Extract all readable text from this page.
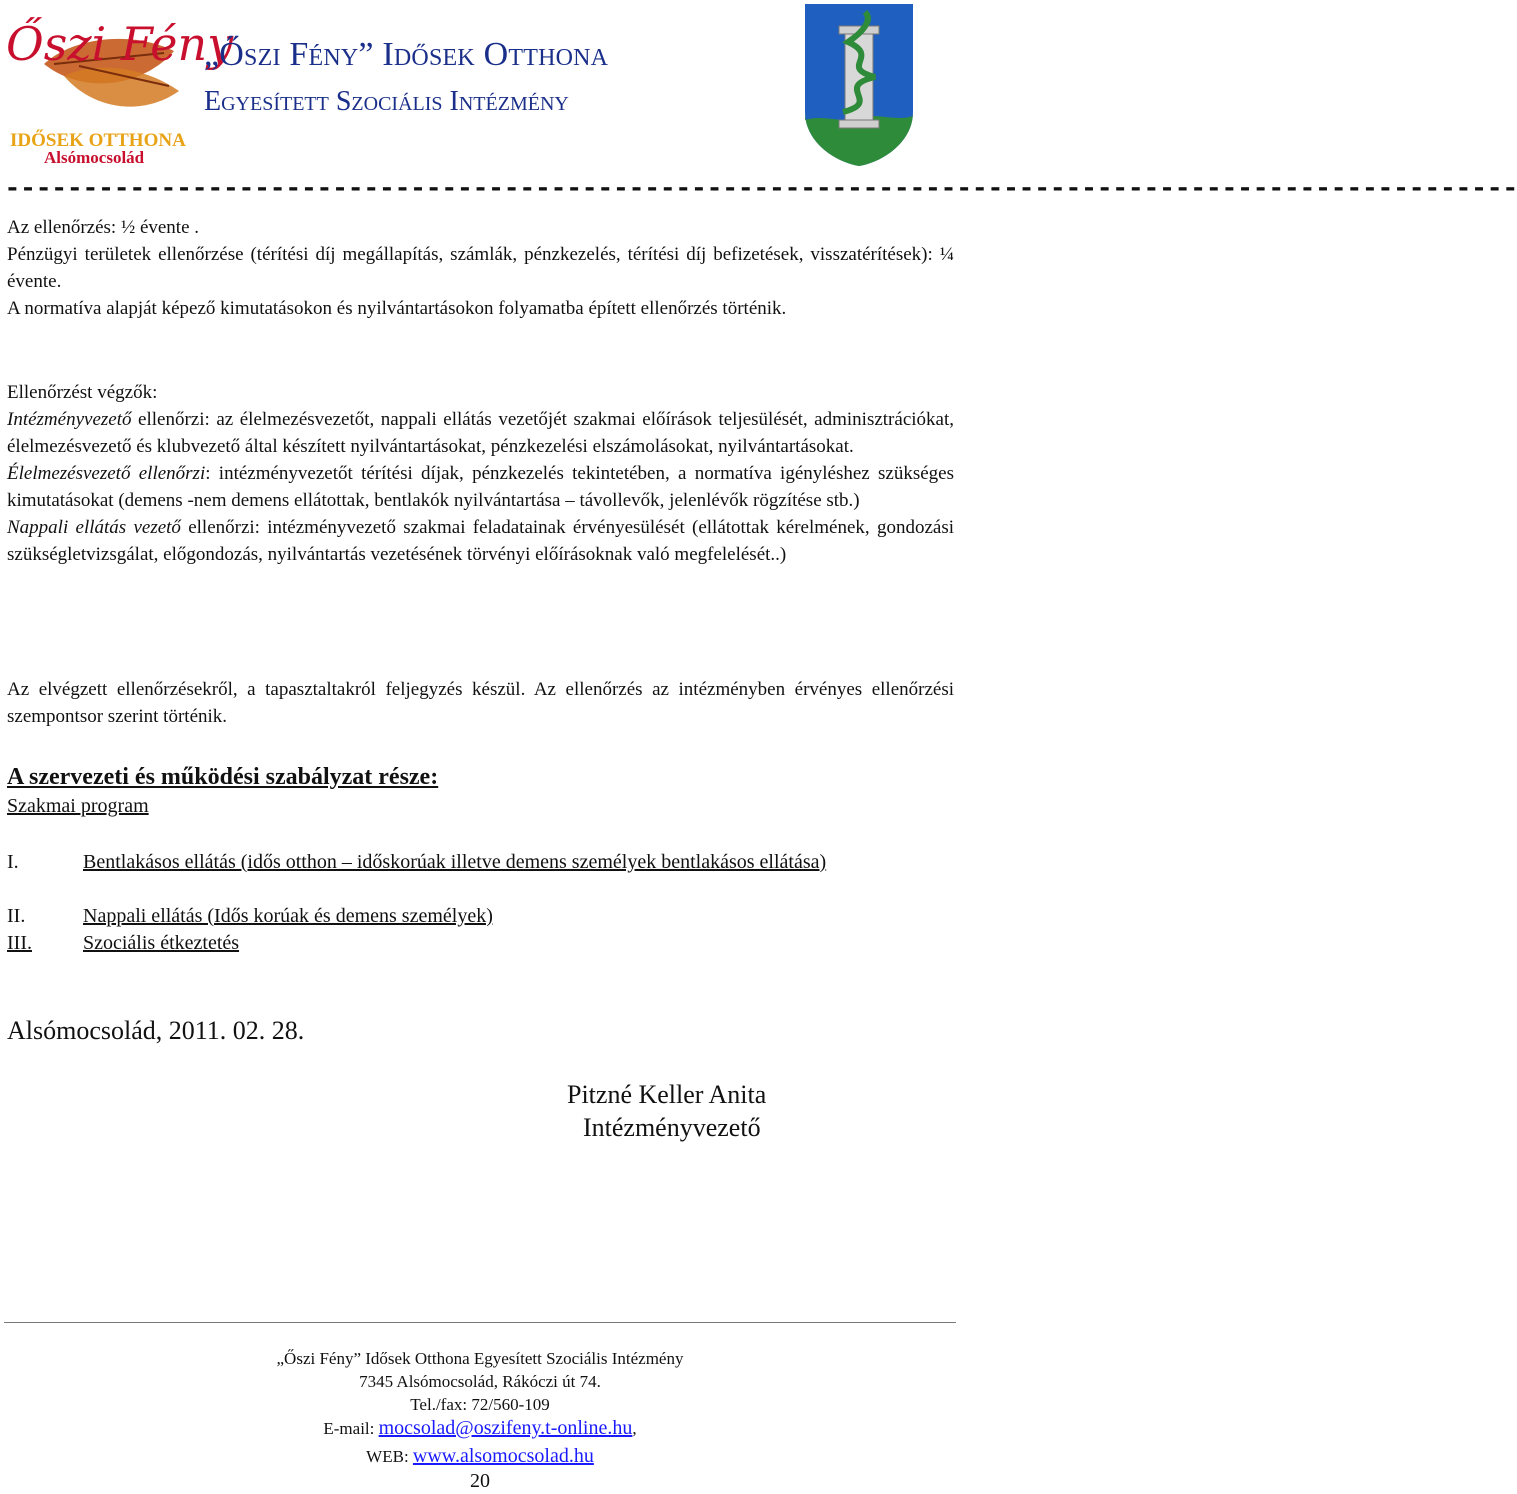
Őszi Fény
IDŐSEK OTTHONA
Alsómocsolád
„Őszi Fény” Idősek Otthona
Egyesített Szociális Intézmény
-------------------------------------------------------------------------------------------------

Az ellenőrzés: ½ évente .

Pénzügyi területek ellenőrzése (térítési díj megállapítás, számlák, pénzkezelés, térítési díj befizetések, visszatérítések): ¼ évente.

A normatíva alapját képező kimutatásokon és nyilvántartásokon folyamatba épített ellenőrzés történik.

Ellenőrzést végzők:

Intézményvezető ellenőrzi: az élelmezésvezetőt, nappali ellátás vezetőjét szakmai előírások teljesülését, adminisztrációkat, élelmezésvezető és klubvezető által készített nyilvántartásokat, pénzkezelési elszámolásokat, nyilvántartásokat.

Élelmezésvezető ellenőrzi: intézményvezetőt térítési díjak, pénzkezelés tekintetében, a normatíva igényléshez szükséges kimutatásokat (demens -nem demens ellátottak, bentlakók nyilvántartása – távollevők, jelenlévők rögzítése stb.)

Nappali ellátás vezető ellenőrzi: intézményvezető szakmai feladatainak érvényesülését (ellátottak kérelmének, gondozási szükségletvizsgálat, előgondozás, nyilvántartás vezetésének törvényi előírásoknak való megfelelését..)

Az elvégzett ellenőrzésekről, a tapasztaltakról feljegyzés készül. Az ellenőrzés az intézményben érvényes ellenőrzési szempontsor szerint történik.
A szervezeti és működési szabályzat része:
Szakmai program
I.	Bentlakásos ellátás (idős otthon – időskorúak illetve demens személyek bentlakásos ellátása)
II.	Nappali ellátás (Idős korúak és demens személyek)
III.	Szociális étkeztetés
Alsómocsolád, 2011. 02. 28.
Pitzné Keller Anita
Intézményvezető
„Őszi Fény” Idősek Otthona Egyesített Szociális Intézmény
7345 Alsómocsolád, Rákóczi út 74.
Tel./fax: 72/560-109
E-mail: mocsolad@oszifeny.t-online.hu,
WEB: www.alsomocsolad.hu
20
